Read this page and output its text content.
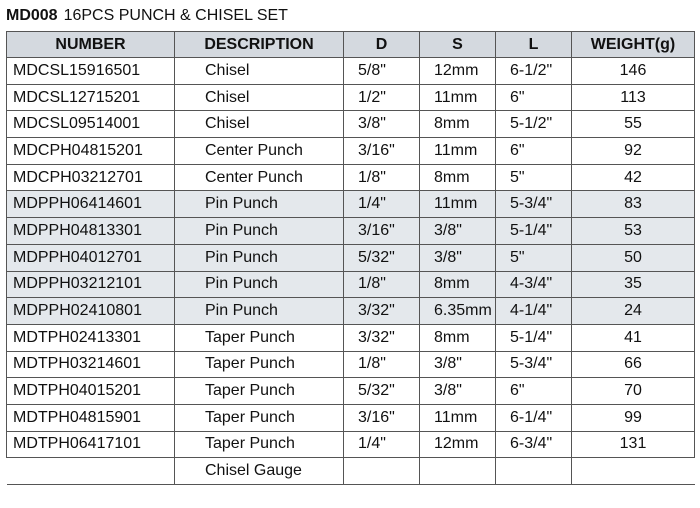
MD008 16PCS PUNCH & CHISEL SET
NUMBER	DESCRIPTION	D	S	L	WEIGHT(g)
MDCSL15916501	Chisel	5/8"	12mm	6-1/2"	146
MDCSL12715201	Chisel	1/2"	11mm	6"	113
MDCSL09514001	Chisel	3/8"	8mm	5-1/2"	55
MDCPH04815201	Center Punch	3/16"	11mm	6"	92
MDCPH03212701	Center Punch	1/8"	8mm	5"	42
MDPPH06414601	Pin Punch	1/4"	11mm	5-3/4"	83
MDPPH04813301	Pin Punch	3/16"	3/8"	5-1/4"	53
MDPPH04012701	Pin Punch	5/32"	3/8"	5"	50
MDPPH03212101	Pin Punch	1/8"	8mm	4-3/4"	35
MDPPH02410801	Pin Punch	3/32"	6.35mm	4-1/4"	24
MDTPH02413301	Taper Punch	3/32"	8mm	5-1/4"	41
MDTPH03214601	Taper Punch	1/8"	3/8"	5-3/4"	66
MDTPH04015201	Taper Punch	5/32"	3/8"	6"	70
MDTPH04815901	Taper Punch	3/16"	11mm	6-1/4"	99
MDTPH06417101	Taper Punch	1/4"	12mm	6-3/4"	131
	Chisel Gauge				
